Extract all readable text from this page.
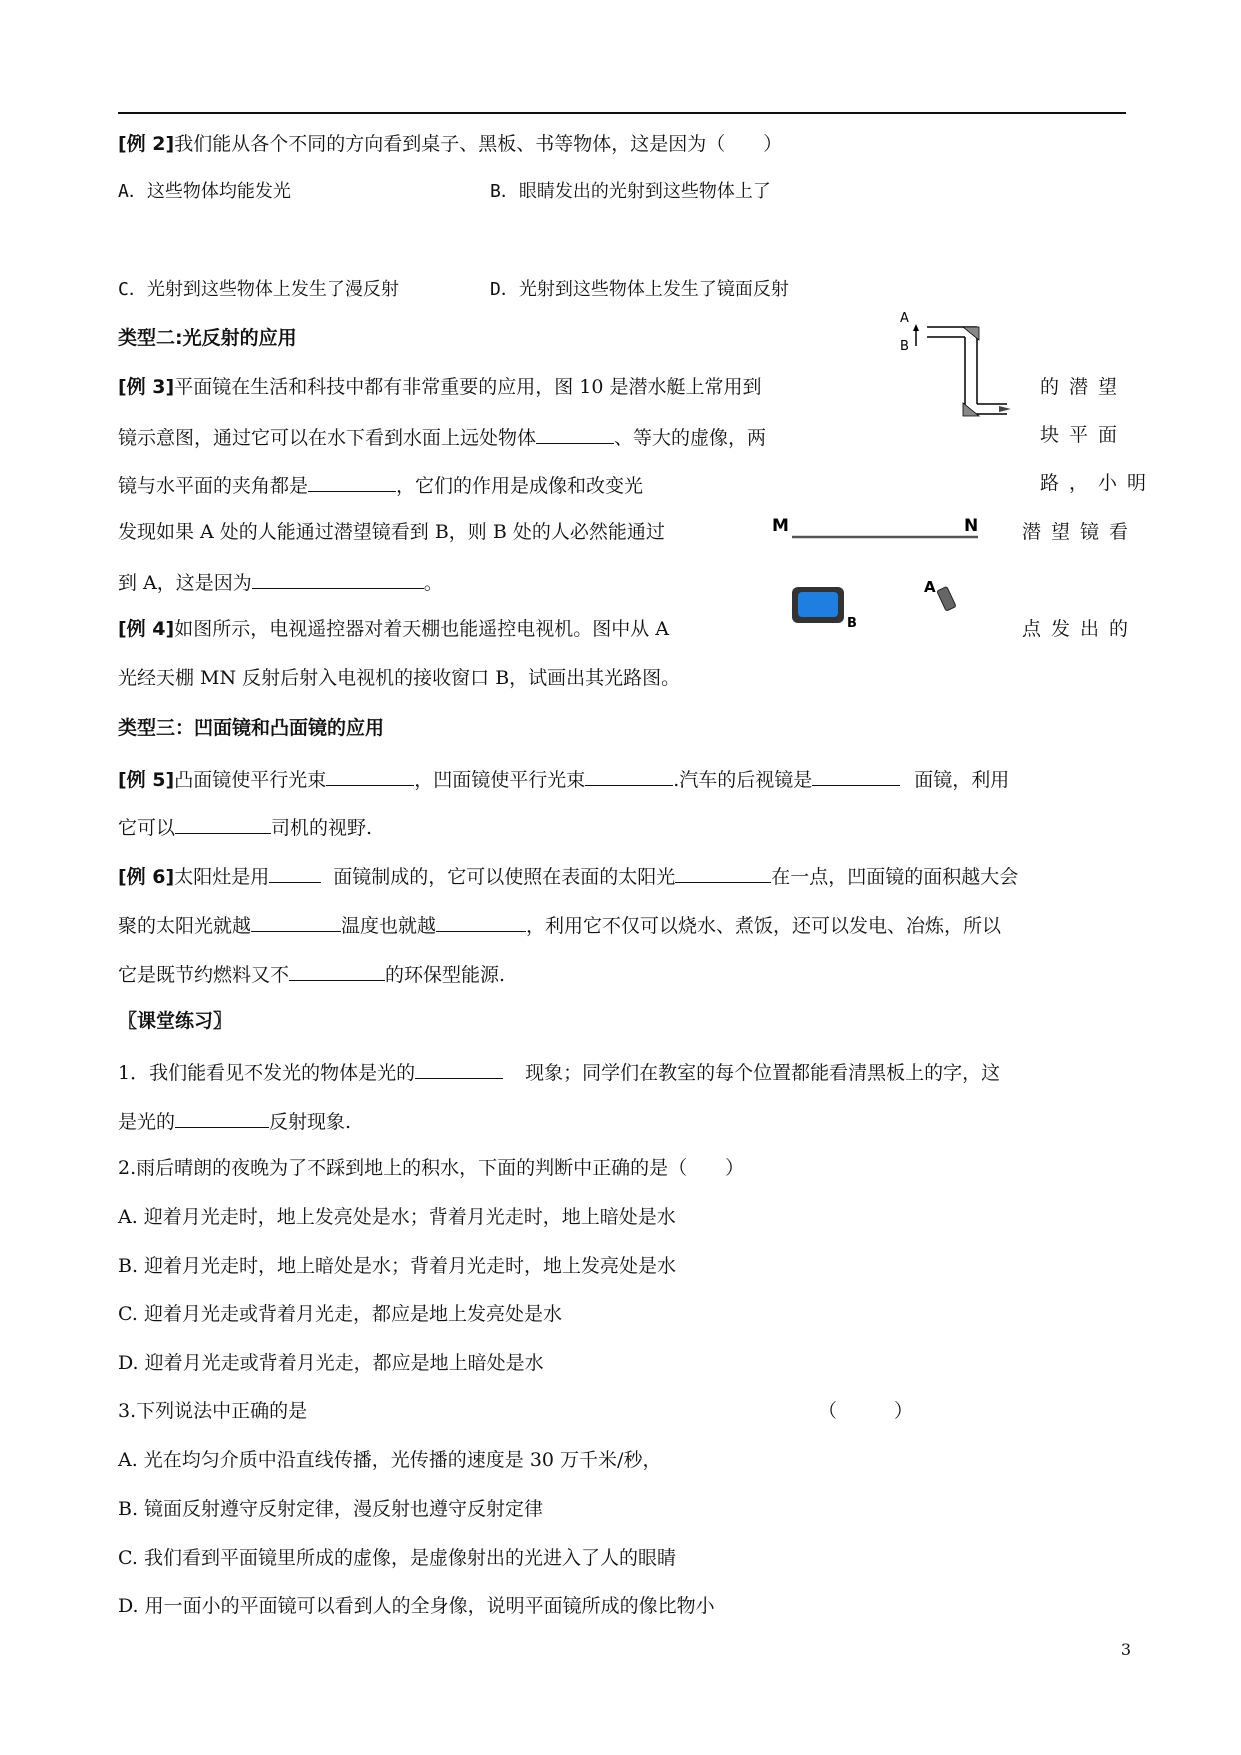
[例 2]我们能从各个不同的方向看到桌子、黑板、书等物体，这是因为（　　）
A．这些物体均能发光	B．眼睛发出的光射到这些物体上了
C．光射到这些物体上发生了漫反射	D．光射到这些物体上发生了镜面反射
类型二:光反射的应用
[例 3]平面镜在生活和科技中都有非常重要的应用，图 10 是潜水艇上常用到	的潜望
镜示意图，通过它可以在水下看到水面上远处物体	、等大的虚像，两	块平面
镜与水平面的夹角都是	，它们的作用是成像和改变光	路，小明
发现如果 A 处的人能通过潜望镜看到 B，则 B 处的人必然能通过	潜望镜看
到 A，这是因为	。
[例 4]如图所示，电视遥控器对着天棚也能遥控电视机。图中从 A	点发出的
光经天棚 MN 反射后射入电视机的接收窗口 B，试画出其光路图。
A
B
M	N
B
A
类型三：凹面镜和凸面镜的应用
[例 5]凸面镜使平行光束	，凹面镜使平行光束	.汽车的后视镜是	面镜，利用
它可以	司机的视野.
[例 6]太阳灶是用	面镜制成的，它可以使照在表面的太阳光	在一点，凹面镜的面积越大会
聚的太阳光就越	温度也就越	，利用它不仅可以烧水、煮饭，还可以发电、冶炼，所以
它是既节约燃料又不	的环保型能源.
〖课堂练习〗
1．我们能看见不发光的物体是光的	现象；同学们在教室的每个位置都能看清黑板上的字，这
是光的	反射现象.
2.雨后晴朗的夜晚为了不踩到地上的积水，下面的判断中正确的是（　　）
A. 迎着月光走时，地上发亮处是水；背着月光走时，地上暗处是水
B. 迎着月光走时，地上暗处是水；背着月光走时，地上发亮处是水
C. 迎着月光走或背着月光走，都应是地上发亮处是水
D. 迎着月光走或背着月光走，都应是地上暗处是水
3.下列说法中正确的是	（　　　）
A. 光在均匀介质中沿直线传播，光传播的速度是 30 万千米/秒，
B. 镜面反射遵守反射定律，漫反射也遵守反射定律
C. 我们看到平面镜里所成的虚像，是虚像射出的光进入了人的眼睛
D. 用一面小的平面镜可以看到人的全身像，说明平面镜所成的像比物小
3
